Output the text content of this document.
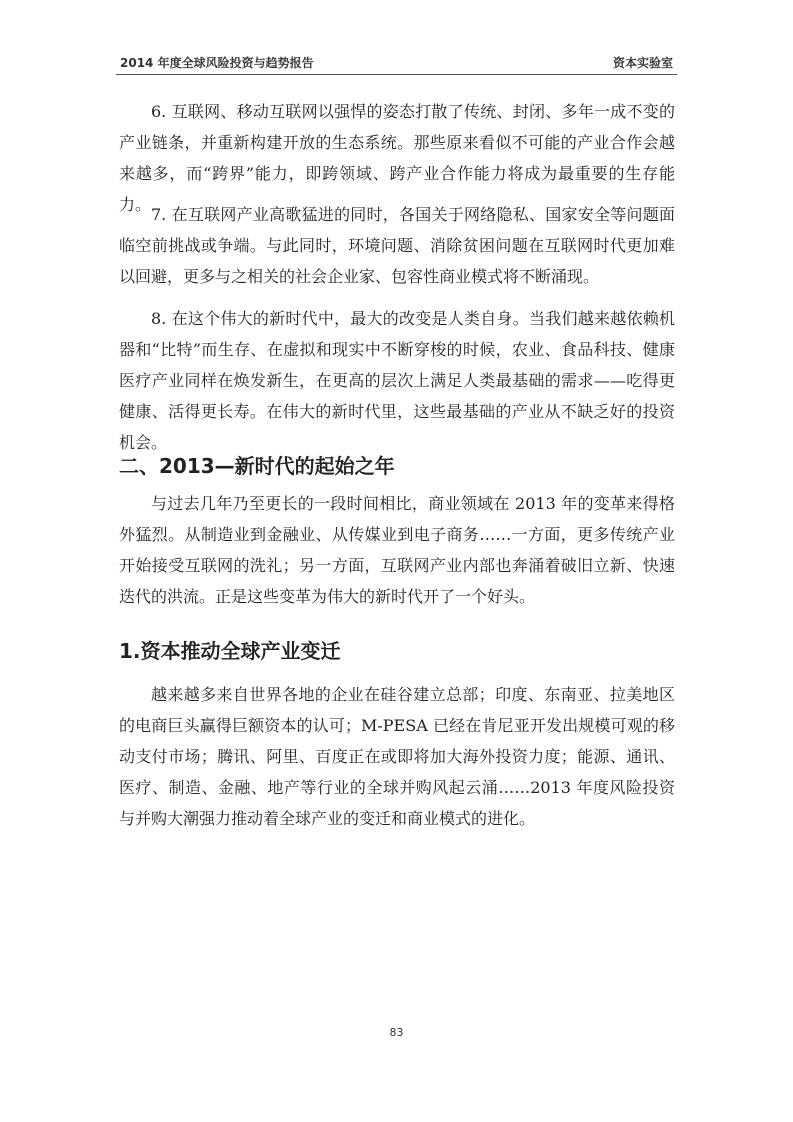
2014 年度全球风险投资与趋势报告	资本实验室

6. 互联网、移动互联网以强悍的姿态打散了传统、封闭、多年一成不变的产业链条，并重新构建开放的生态系统。那些原来看似不可能的产业合作会越来越多，而“跨界”能力，即跨领域、跨产业合作能力将成为最重要的生存能力。

7. 在互联网产业高歌猛进的同时，各国关于网络隐私、国家安全等问题面临空前挑战或争端。与此同时，环境问题、消除贫困问题在互联网时代更加难以回避，更多与之相关的社会企业家、包容性商业模式将不断涌现。

8. 在这个伟大的新时代中，最大的改变是人类自身。当我们越来越依赖机器和“比特”而生存、在虚拟和现实中不断穿梭的时候，农业、食品科技、健康医疗产业同样在焕发新生，在更高的层次上满足人类最基础的需求——吃得更健康、活得更长寿。在伟大的新时代里，这些最基础的产业从不缺乏好的投资机会。

二、2013—新时代的起始之年

与过去几年乃至更长的一段时间相比，商业领域在 2013 年的变革来得格外猛烈。从制造业到金融业、从传媒业到电子商务……一方面，更多传统产业开始接受互联网的洗礼；另一方面，互联网产业内部也奔涌着破旧立新、快速迭代的洪流。正是这些变革为伟大的新时代开了一个好头。

1.资本推动全球产业变迁

越来越多来自世界各地的企业在硅谷建立总部；印度、东南亚、拉美地区的电商巨头赢得巨额资本的认可；M-PESA 已经在肯尼亚开发出规模可观的移动支付市场；腾讯、阿里、百度正在或即将加大海外投资力度；能源、通讯、医疗、制造、金融、地产等行业的全球并购风起云涌……2013 年度风险投资与并购大潮强力推动着全球产业的变迁和商业模式的进化。

83
